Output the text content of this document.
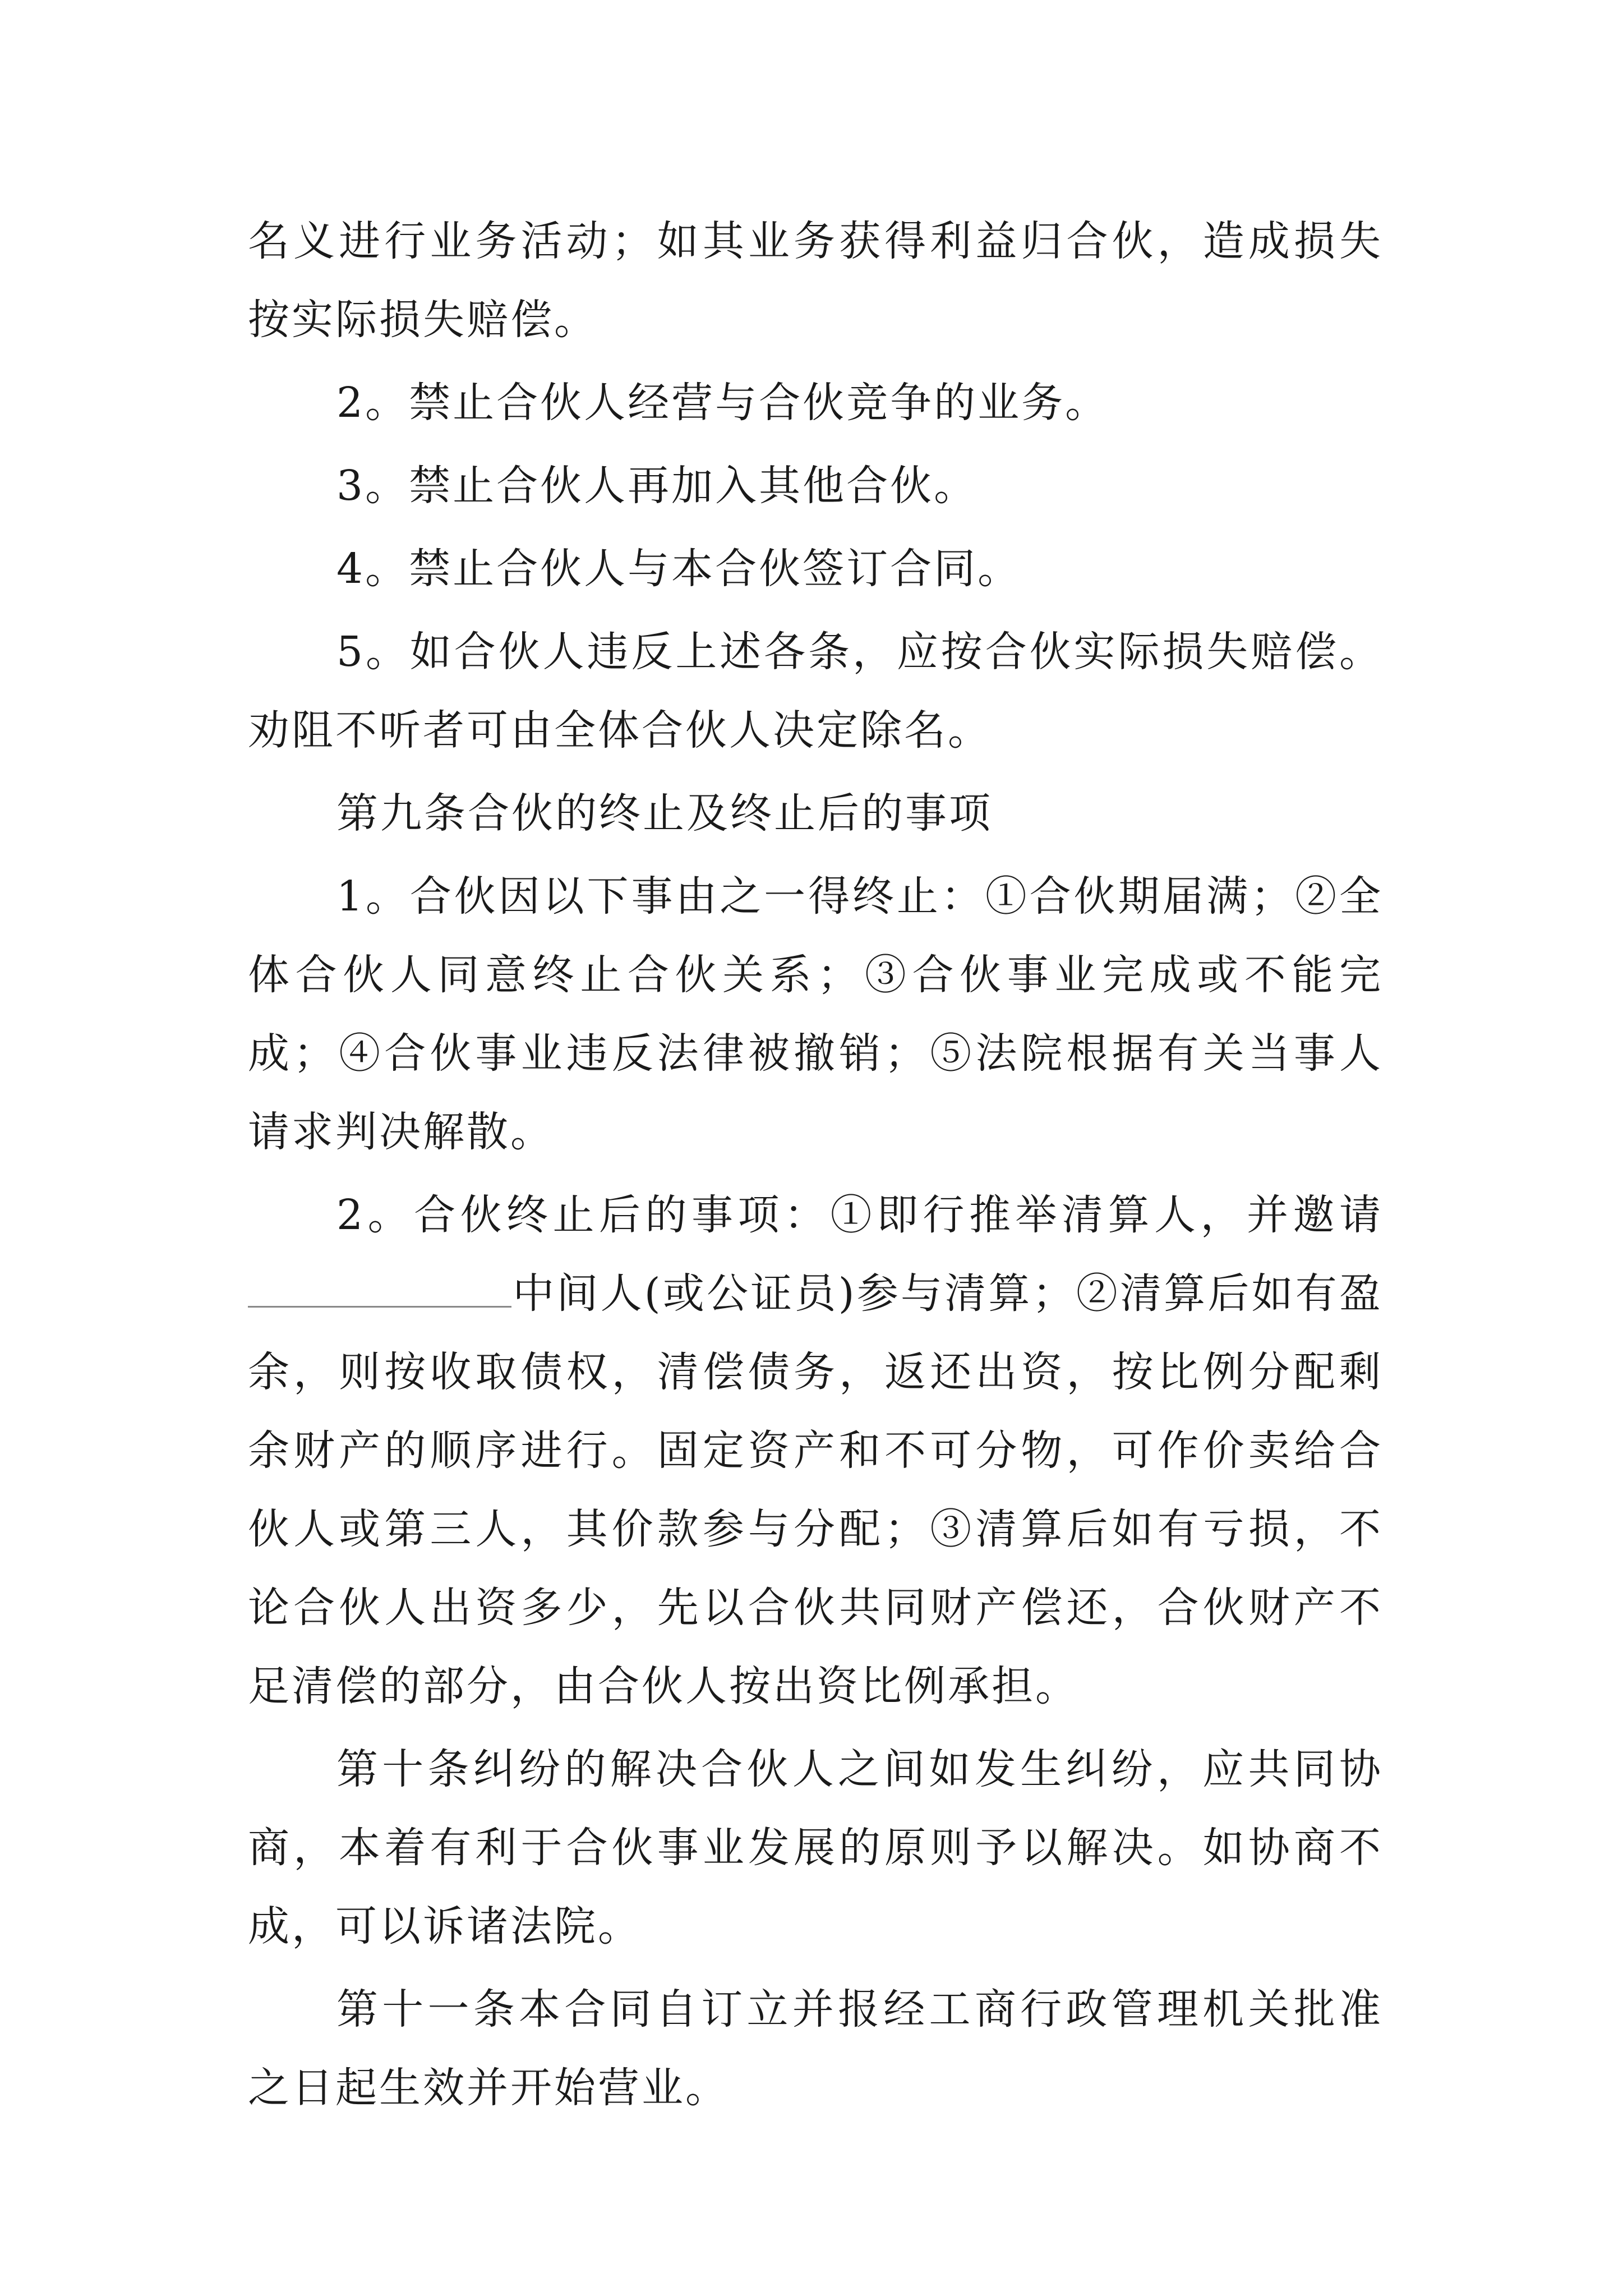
名义进行业务活动；如其业务获得利益归合伙，造成损失按实际损失赔偿。

2。禁止合伙人经营与合伙竞争的业务。

3。禁止合伙人再加入其他合伙。

4。禁止合伙人与本合伙签订合同。

5。如合伙人违反上述各条，应按合伙实际损失赔偿。劝阻不听者可由全体合伙人决定除名。

第九条合伙的终止及终止后的事项

1。合伙因以下事由之一得终止：①合伙期届满；②全体合伙人同意终止合伙关系；③合伙事业完成或不能完成；④合伙事业违反法律被撤销；⑤法院根据有关当事人请求判决解散。

2。合伙终止后的事项：①即行推举清算人，并邀请中间人(或公证员)参与清算；②清算后如有盈余，则按收取债权，清偿债务，返还出资，按比例分配剩余财产的顺序进行。固定资产和不可分物，可作价卖给合伙人或第三人，其价款参与分配；③清算后如有亏损，不论合伙人出资多少，先以合伙共同财产偿还，合伙财产不足清偿的部分，由合伙人按出资比例承担。

第十条纠纷的解决合伙人之间如发生纠纷，应共同协商，本着有利于合伙事业发展的原则予以解决。如协商不成，可以诉诸法院。

第十一条本合同自订立并报经工商行政管理机关批准之日起生效并开始营业。
